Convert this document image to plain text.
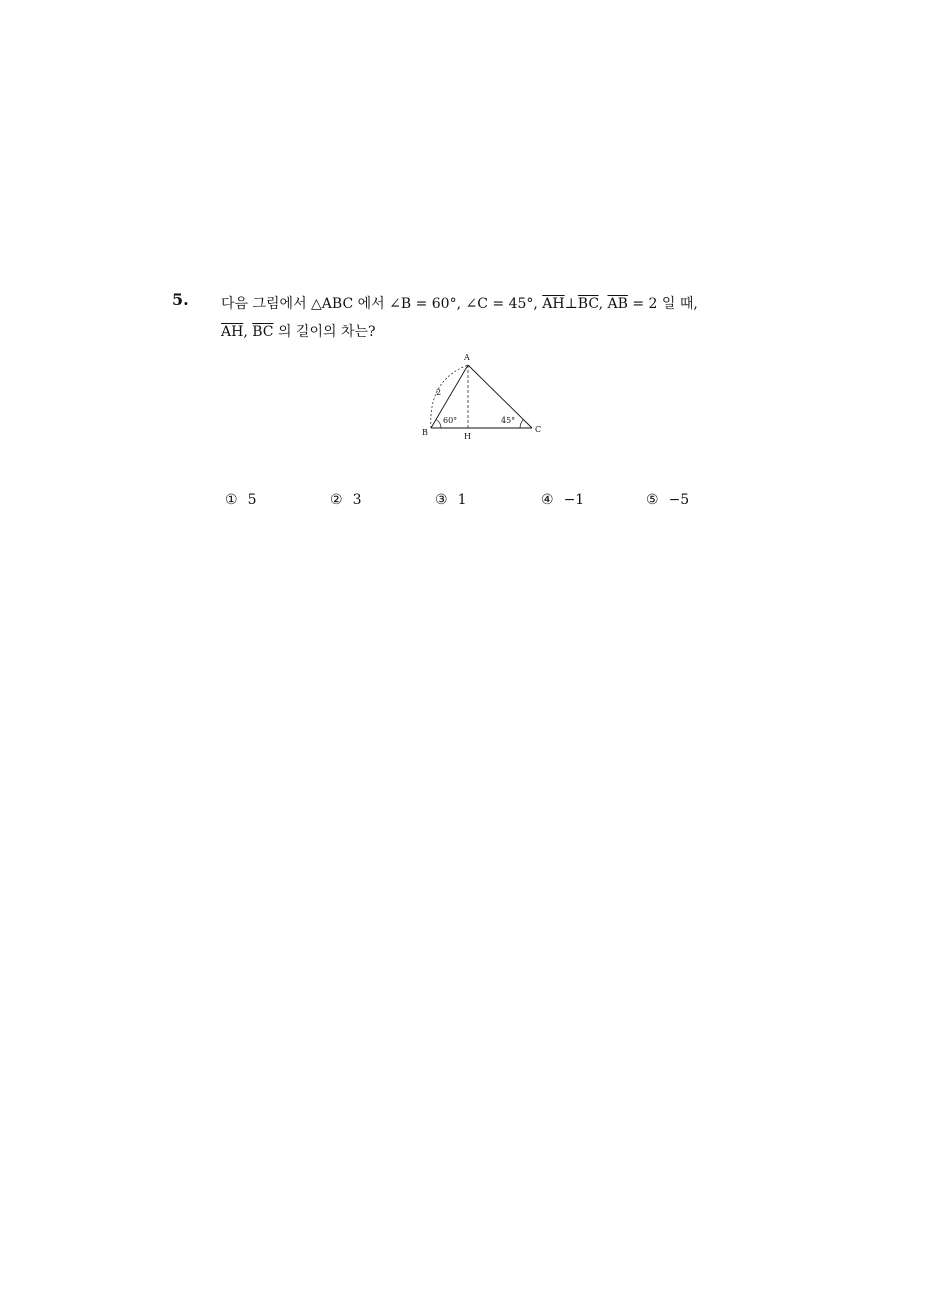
5. 다음 그림에서 △ABC 에서 ∠B = 60°, ∠C = 45°, $\overline{AH}\perp\overline{BC}$, $\overline{AB} = 2$ 일 때,
$\overline{AH}$, $\overline{BC}$ 의 길이의 차는?
A
B	C
H
2
60°	45°
① 5	② 3	③ 1	④ −1	⑤ −5
